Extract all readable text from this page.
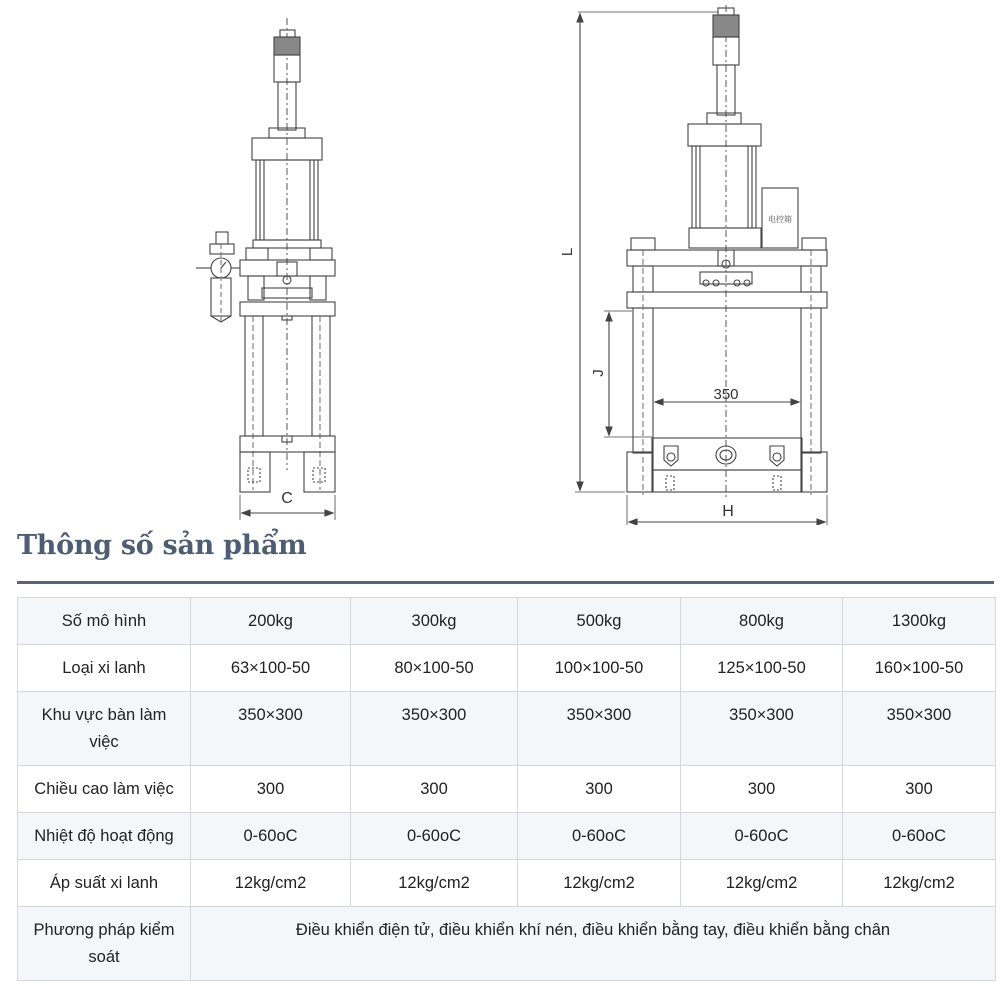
C
电控箱
L
J
350
H
Thông số sản phẩm
Số mô hình	200kg	300kg	500kg	800kg	1300kg
Loại xi lanh	63×100-50	80×100-50	100×100-50	125×100-50	160×100-50
Khu vực bàn làm việc	350×300	350×300	350×300	350×300	350×300
Chiều cao làm việc	300	300	300	300	300
Nhiệt độ hoạt động	0-60oC	0-60oC	0-60oC	0-60oC	0-60oC
Áp suất xi lanh	12kg/cm2	12kg/cm2	12kg/cm2	12kg/cm2	12kg/cm2
Phương pháp kiểm soát	Điều khiển điện tử, điều khiển khí nén, điều khiển bằng tay, điều khiển bằng chân				
